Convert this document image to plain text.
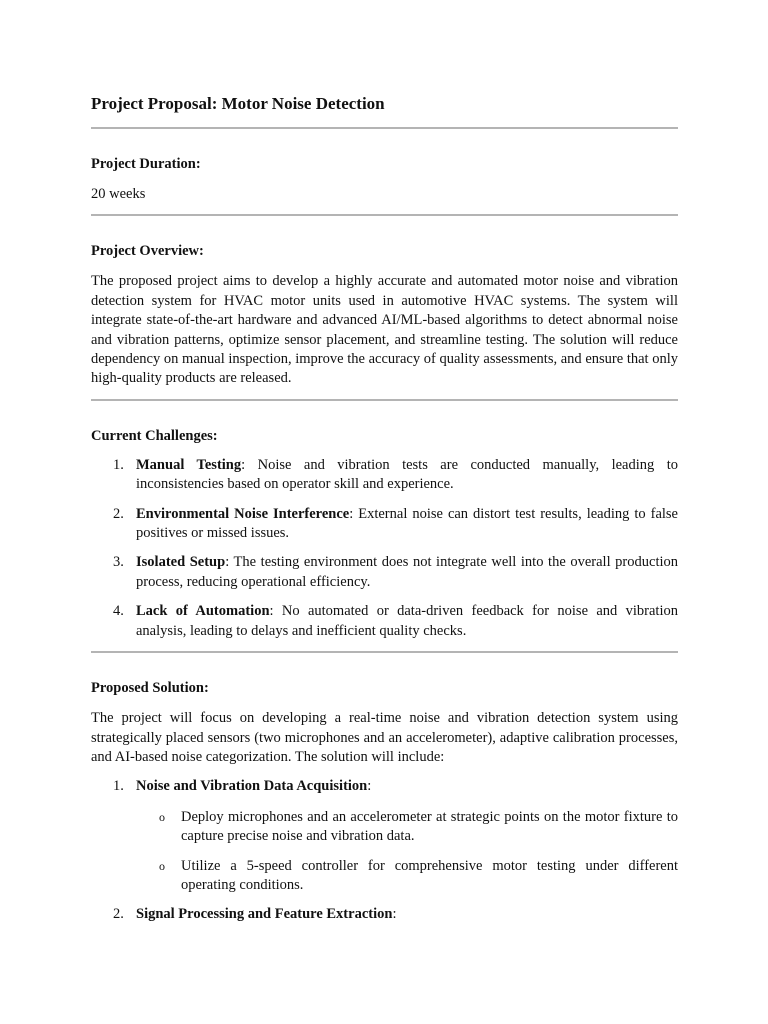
Project Proposal: Motor Noise Detection
Project Duration:

20 weeks

Project Overview:

The proposed project aims to develop a highly accurate and automated motor noise and vibration detection system for HVAC motor units used in automotive HVAC systems. The system will integrate state-of-the-art hardware and advanced AI/ML-based algorithms to detect abnormal noise and vibration patterns, optimize sensor placement, and streamline testing. The solution will reduce dependency on manual inspection, improve the accuracy of quality assessments, and ensure that only high-quality products are released.

Current Challenges:
1. Manual Testing: Noise and vibration tests are conducted manually, leading to inconsistencies based on operator skill and experience.
2. Environmental Noise Interference: External noise can distort test results, leading to false positives or missed issues.
3. Isolated Setup: The testing environment does not integrate well into the overall production process, reducing operational efficiency.
4. Lack of Automation: No automated or data-driven feedback for noise and vibration analysis, leading to delays and inefficient quality checks.
Proposed Solution:

The project will focus on developing a real-time noise and vibration detection system using strategically placed sensors (two microphones and an accelerometer), adaptive calibration processes, and AI-based noise categorization. The solution will include:

1. Noise and Vibration Data Acquisition:
o Deploy microphones and an accelerometer at strategic points on the motor fixture to capture precise noise and vibration data.
o Utilize a 5-speed controller for comprehensive motor testing under different operating conditions.
2. Signal Processing and Feature Extraction:
